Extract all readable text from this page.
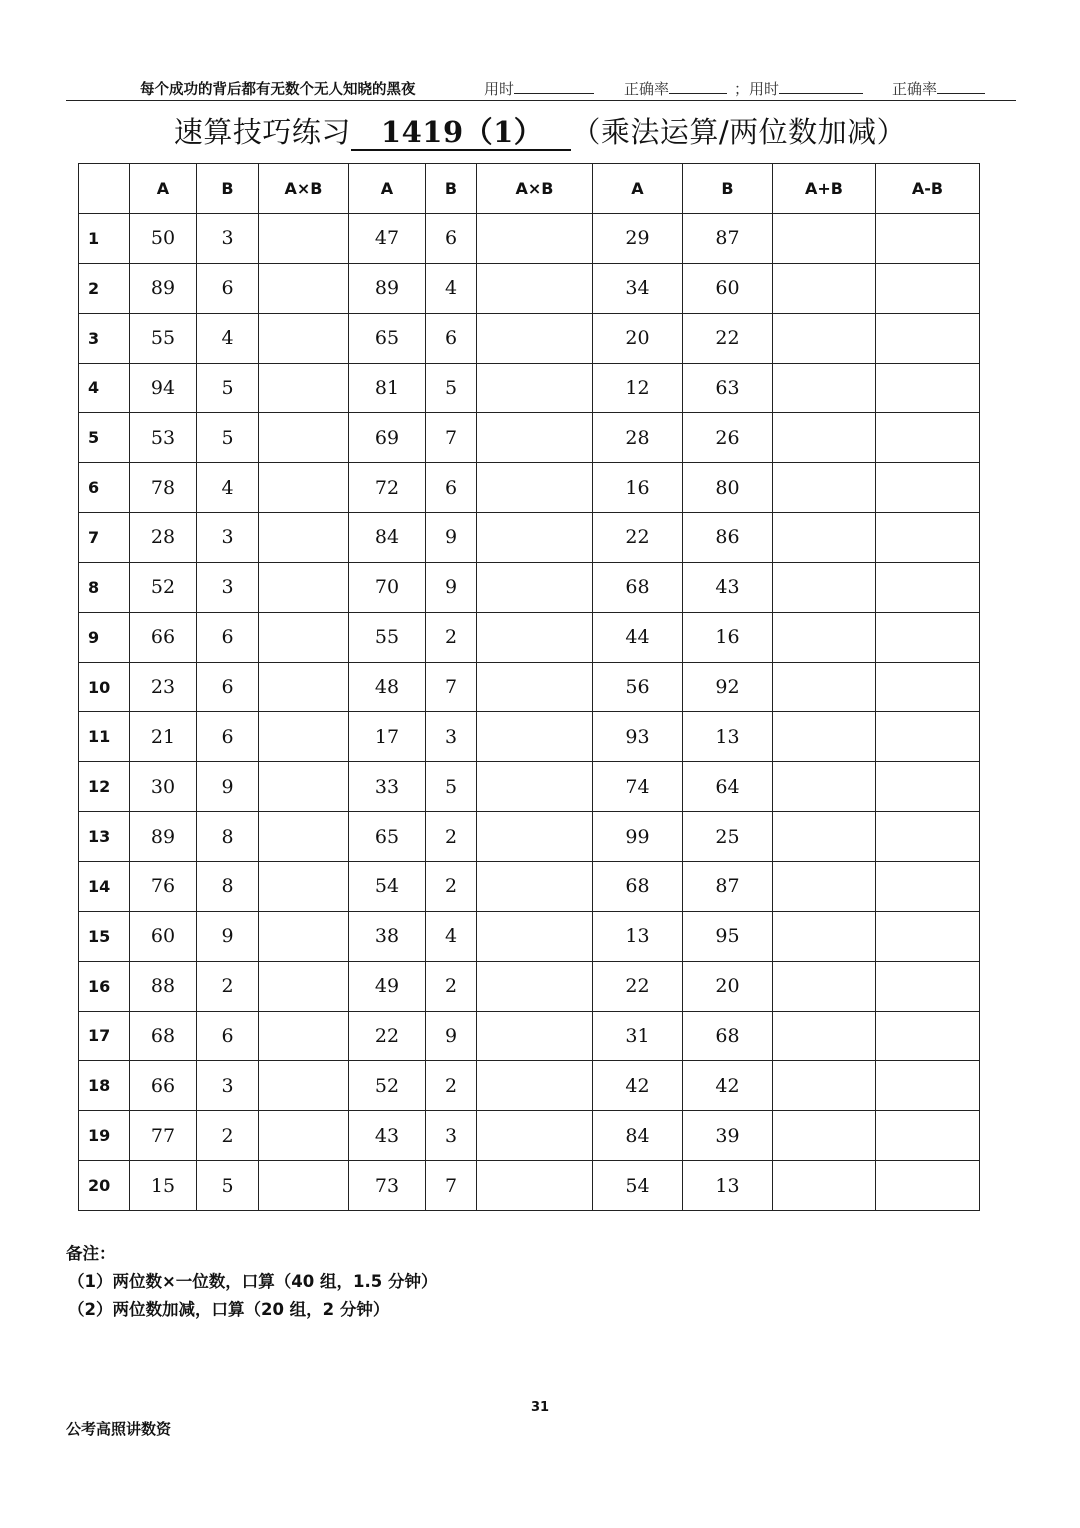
每个成功的背后都有无数个无人知晓的黑夜	用时	正确率	；用时	正确率
速算技巧练习 1419（1） （乘法运算/两位数加减）
	A	B	A×B	A	B	A×B	A	B	A+B	A-B
1	50	3		47	6		29	87		
2	89	6		89	4		34	60		
3	55	4		65	6		20	22		
4	94	5		81	5		12	63		
5	53	5		69	7		28	26		
6	78	4		72	6		16	80		
7	28	3		84	9		22	86		
8	52	3		70	9		68	43		
9	66	6		55	2		44	16		
10	23	6		48	7		56	92		
11	21	6		17	3		93	13		
12	30	9		33	5		74	64		
13	89	8		65	2		99	25		
14	76	8		54	2		68	87		
15	60	9		38	4		13	95		
16	88	2		49	2		22	20		
17	68	6		22	9		31	68		
18	66	3		52	2		42	42		
19	77	2		43	3		84	39		
20	15	5		73	7		54	13		
备注：
（1）两位数×一位数，口算（40 组，1.5 分钟）
（2）两位数加减，口算（20 组，2 分钟）
31
公考高照讲数资
